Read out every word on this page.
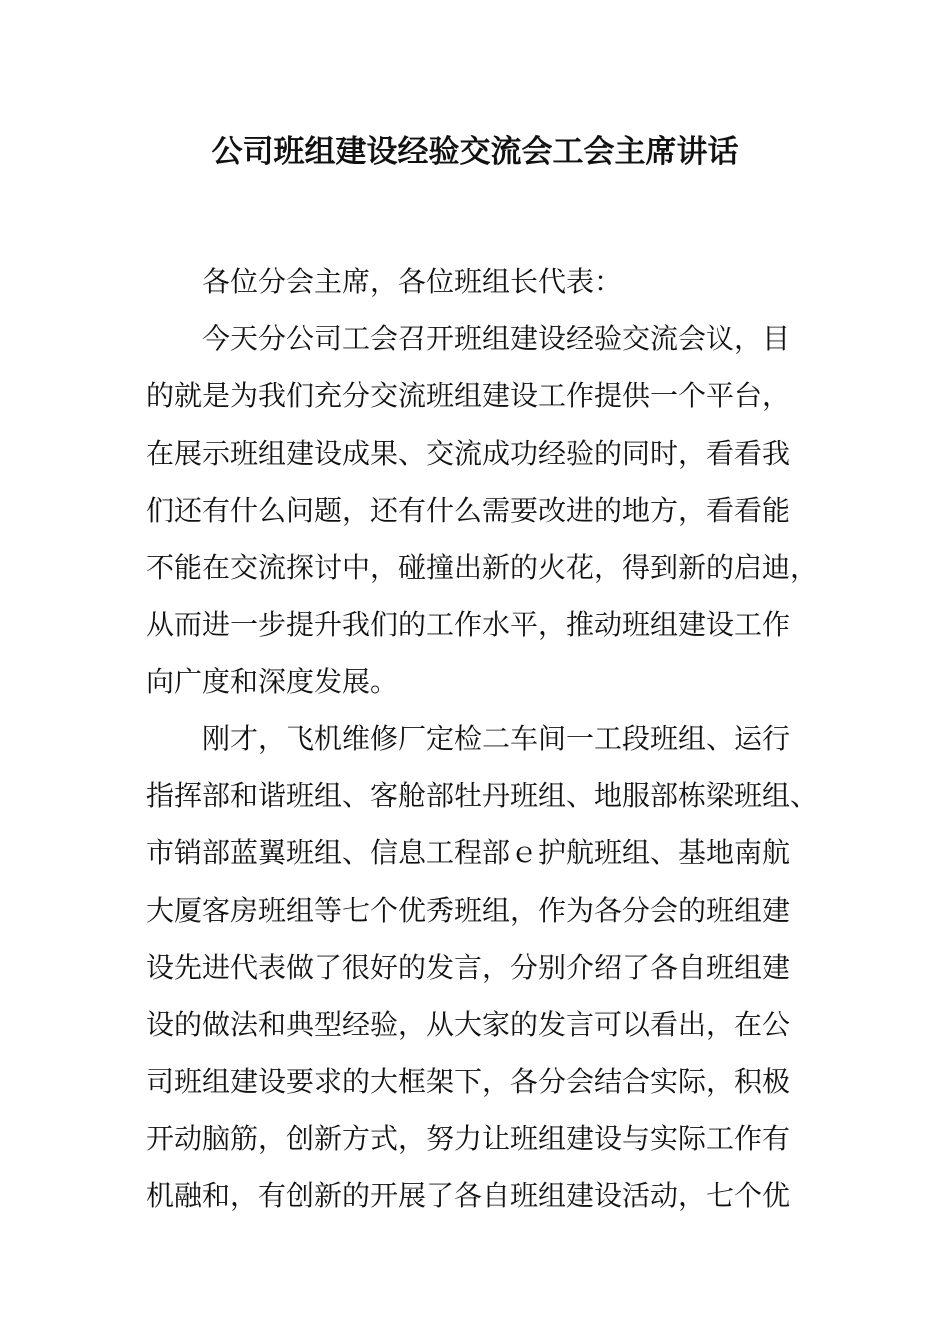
公司班组建设经验交流会工会主席讲话

各位分会主席，各位班组长代表：

今天分公司工会召开班组建设经验交流会议，目

的就是为我们充分交流班组建设工作提供一个平台，

在展示班组建设成果、交流成功经验的同时，看看我

们还有什么问题，还有什么需要改进的地方，看看能

不能在交流探讨中，碰撞出新的火花，得到新的启迪，

从而进一步提升我们的工作水平，推动班组建设工作

向广度和深度发展。

刚才，飞机维修厂定检二车间一工段班组、运行

指挥部和谐班组、客舱部牡丹班组、地服部栋梁班组、

市销部蓝翼班组、信息工程部ｅ护航班组、基地南航

大厦客房班组等七个优秀班组，作为各分会的班组建

设先进代表做了很好的发言，分别介绍了各自班组建

设的做法和典型经验，从大家的发言可以看出，在公

司班组建设要求的大框架下，各分会结合实际，积极

开动脑筋，创新方式，努力让班组建设与实际工作有

机融和，有创新的开展了各自班组建设活动，七个优
